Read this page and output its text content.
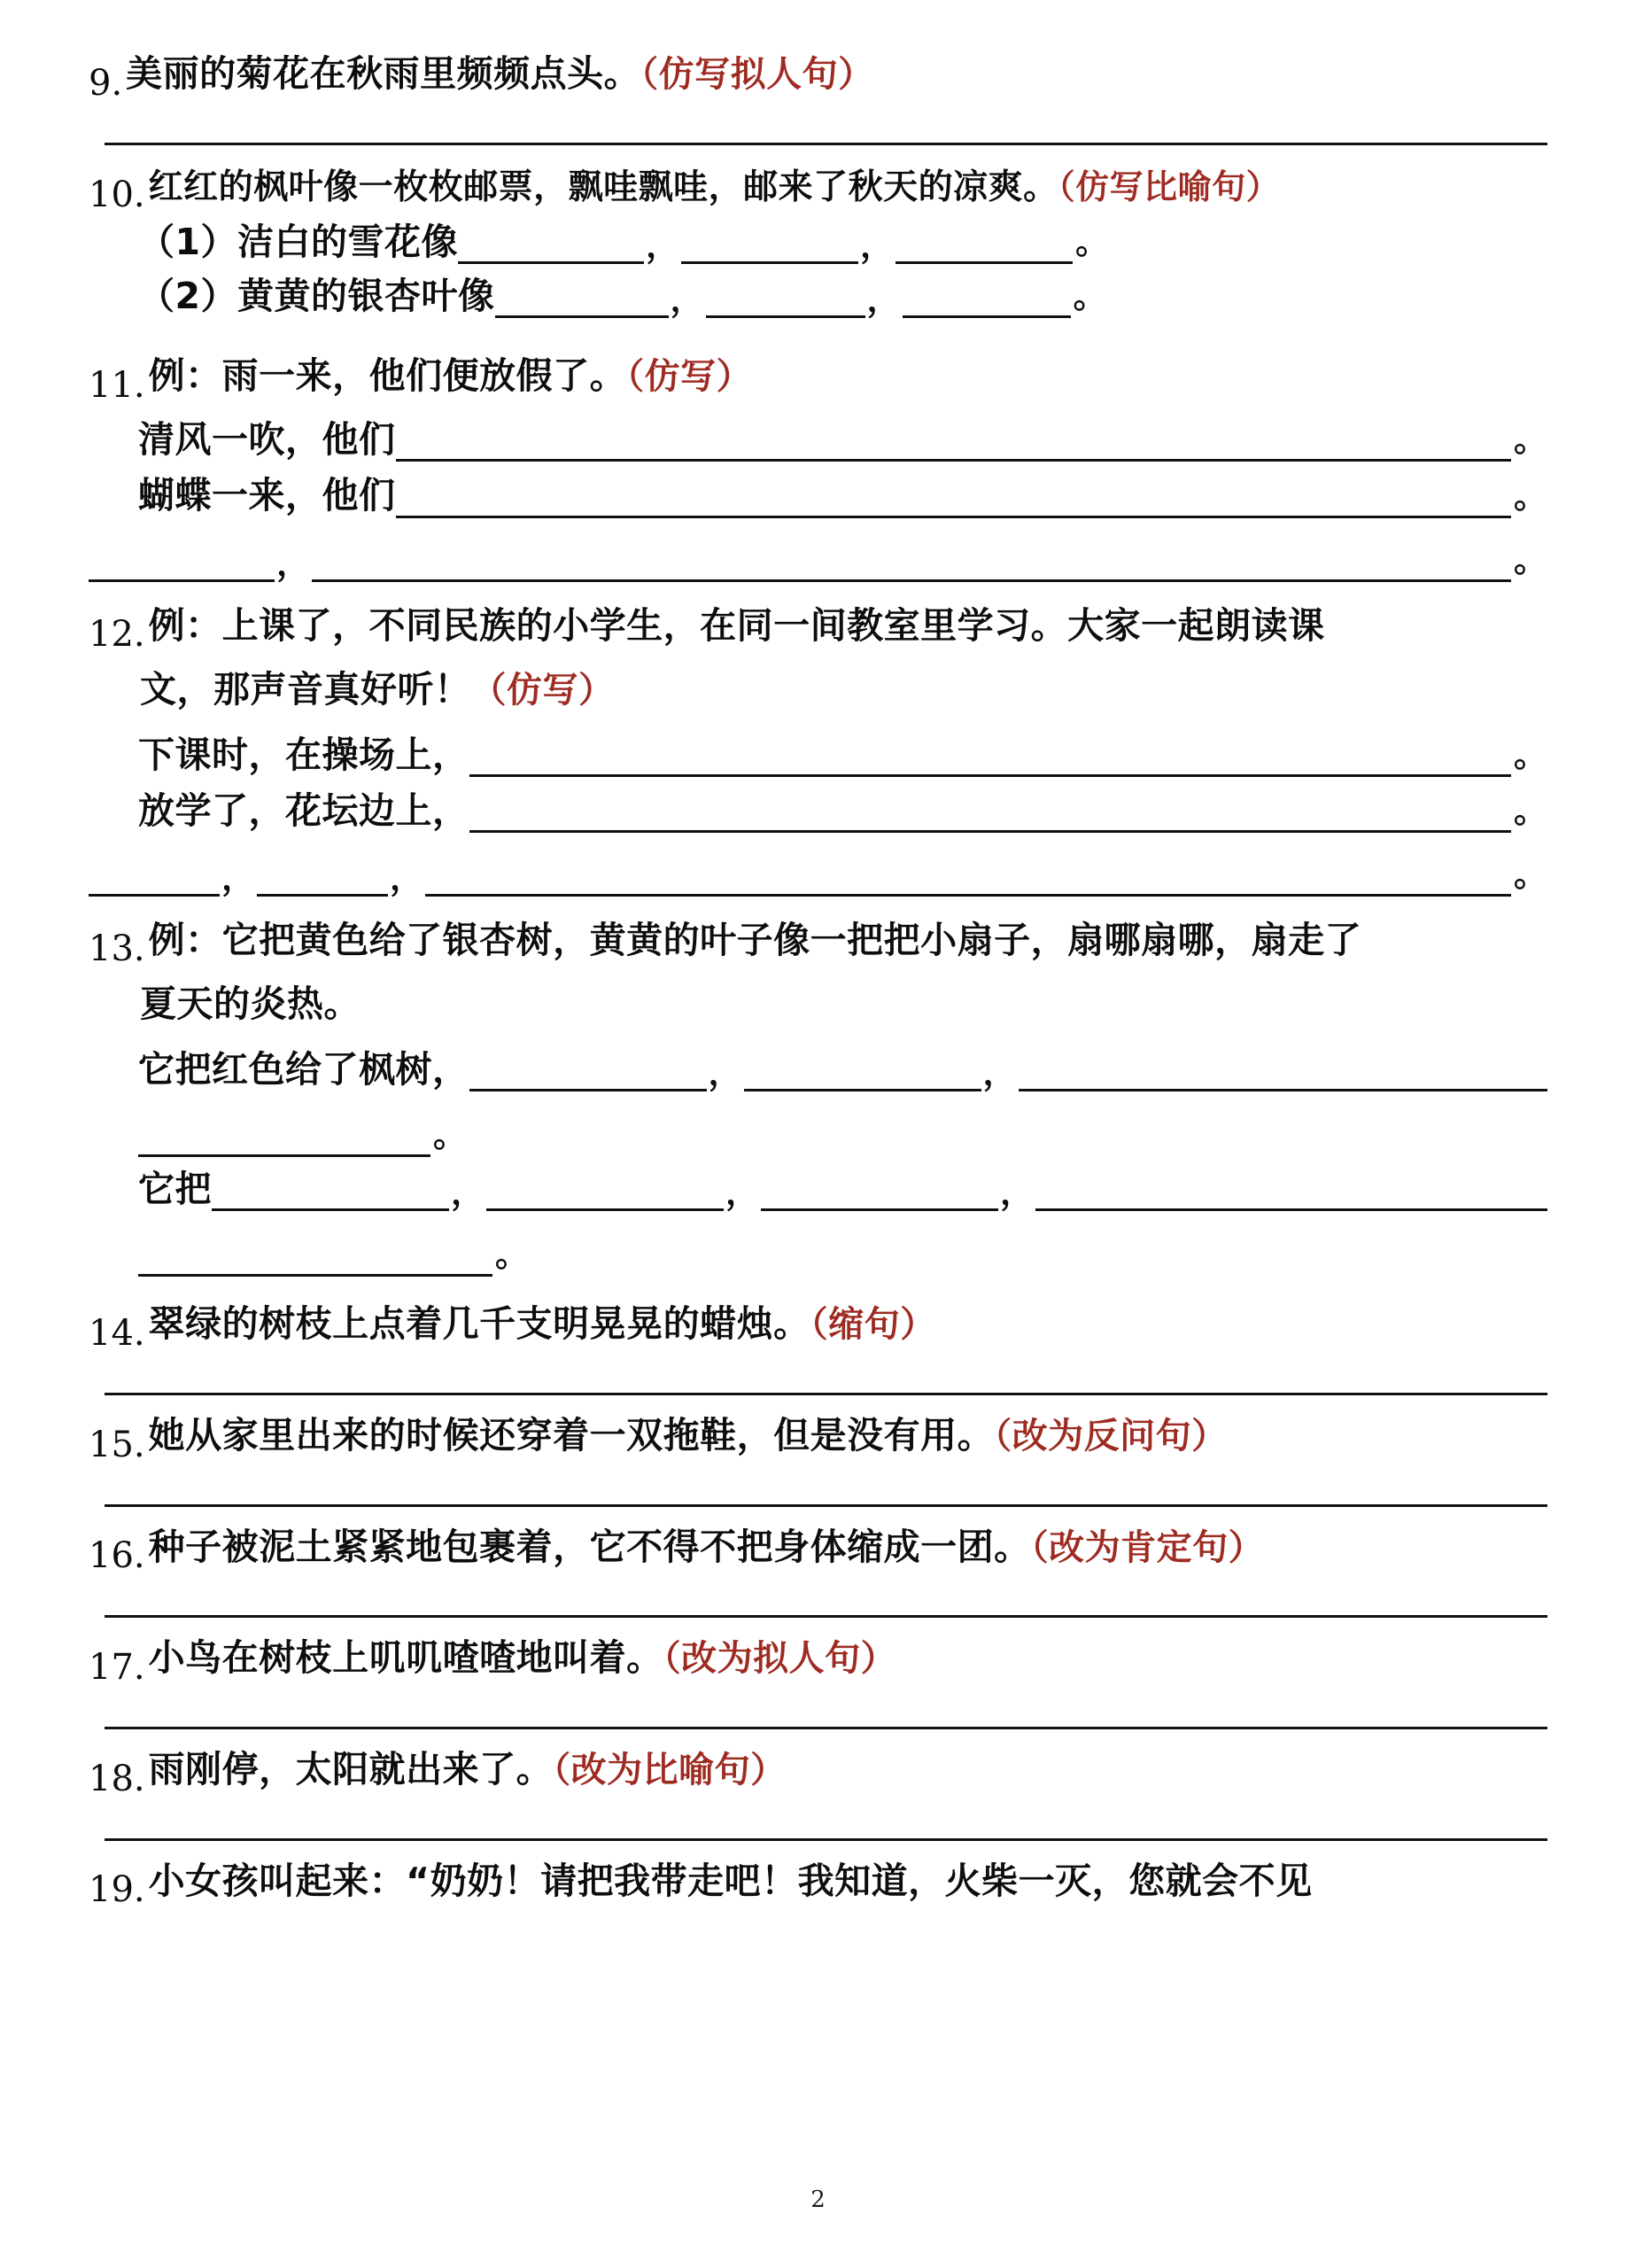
9. 美丽的菊花在秋雨里频频点头。（仿写拟人句）
10. 红红的枫叶像一枚枚邮票，飘哇飘哇，邮来了秋天的凉爽。（仿写比喻句）
（1）洁白的雪花像	，	，	。
（2）黄黄的银杏叶像	，	，	。
11. 例：雨一来，他们便放假了。（仿写）
清风一吹，他们	。
蝴蝶一来，他们	。
，	。
12. 例：上课了，不同民族的小学生，在同一间教室里学习。大家一起朗读课
文，那声音真好听！（仿写）
下课时，在操场上，	。
放学了，花坛边上，	。
，	，	。
13. 例：它把黄色给了银杏树，黄黄的叶子像一把把小扇子，扇哪扇哪，扇走了
夏天的炎热。
它把红色给了枫树，	，	，
。
它把	，	，	，
。
14. 翠绿的树枝上点着几千支明晃晃的蜡烛。（缩句）
15. 她从家里出来的时候还穿着一双拖鞋，但是没有用。（改为反问句）
16. 种子被泥土紧紧地包裹着，它不得不把身体缩成一团。（改为肯定句）
17. 小鸟在树枝上叽叽喳喳地叫着。（改为拟人句）
18. 雨刚停，太阳就出来了。（改为比喻句）
19. 小女孩叫起来：“奶奶！请把我带走吧！我知道，火柴一灭，您就会不见
2
